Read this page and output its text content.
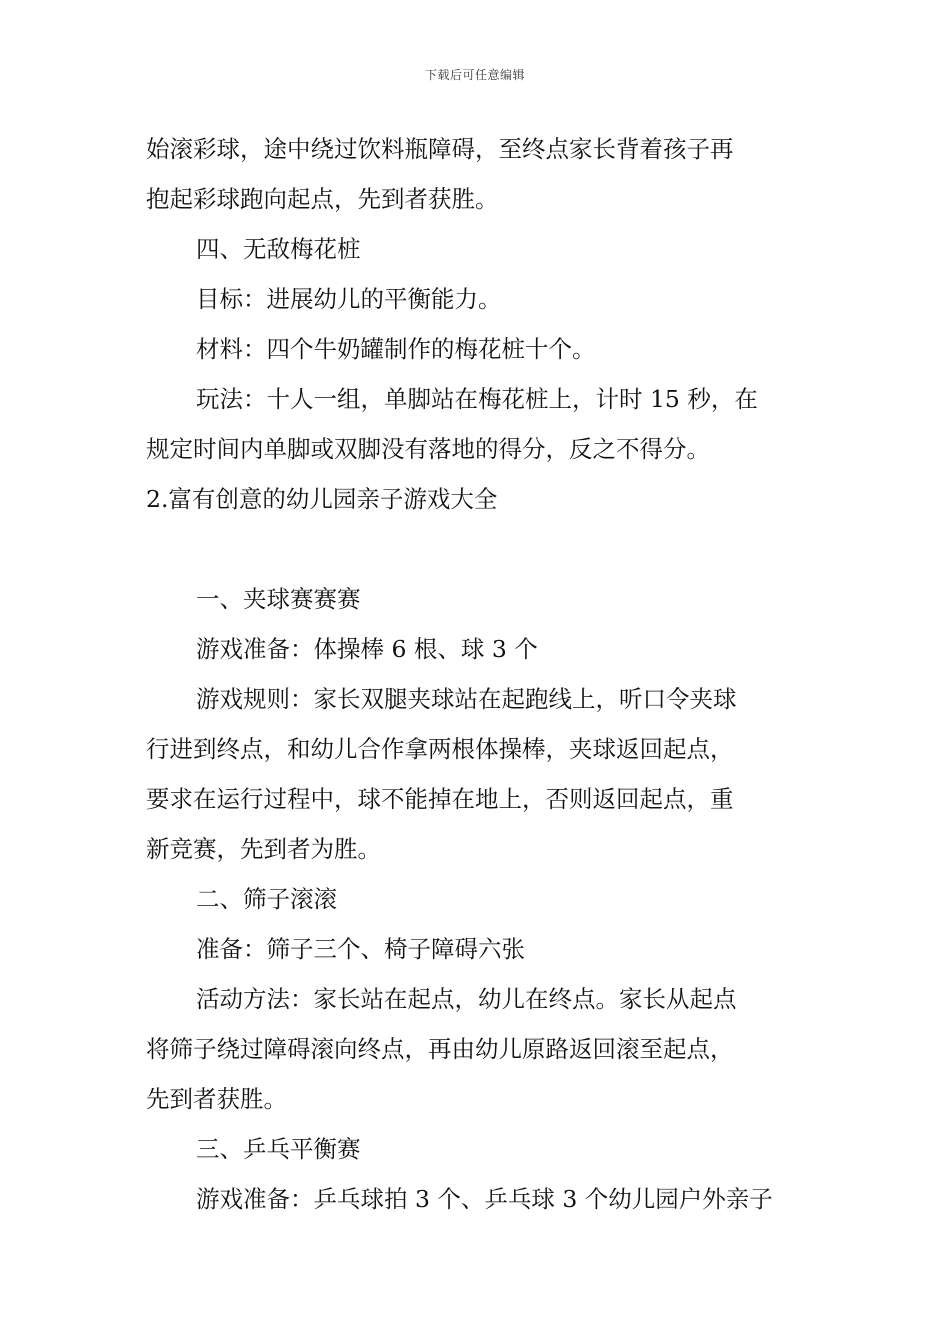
下载后可任意编辑
始滚彩球，途中绕过饮料瓶障碍，至终点家长背着孩子再
抱起彩球跑向起点，先到者获胜。
四、无敌梅花桩
目标：进展幼儿的平衡能力。
材料：四个牛奶罐制作的梅花桩十个。
玩法：十人一组，单脚站在梅花桩上，计时 15 秒，在
规定时间内单脚或双脚没有落地的得分，反之不得分。
2.富有创意的幼儿园亲子游戏大全
一、夹球赛赛赛
游戏准备：体操棒 6 根、球 3 个
游戏规则：家长双腿夹球站在起跑线上，听口令夹球
行进到终点，和幼儿合作拿两根体操棒，夹球返回起点，
要求在运行过程中，球不能掉在地上，否则返回起点，重
新竞赛，先到者为胜。
二、筛子滚滚
准备：筛子三个、椅子障碍六张
活动方法：家长站在起点，幼儿在终点。家长从起点
将筛子绕过障碍滚向终点，再由幼儿原路返回滚至起点，
先到者获胜。
三、乒乓平衡赛
游戏准备：乒乓球拍 3 个、乒乓球 3 个幼儿园户外亲子
